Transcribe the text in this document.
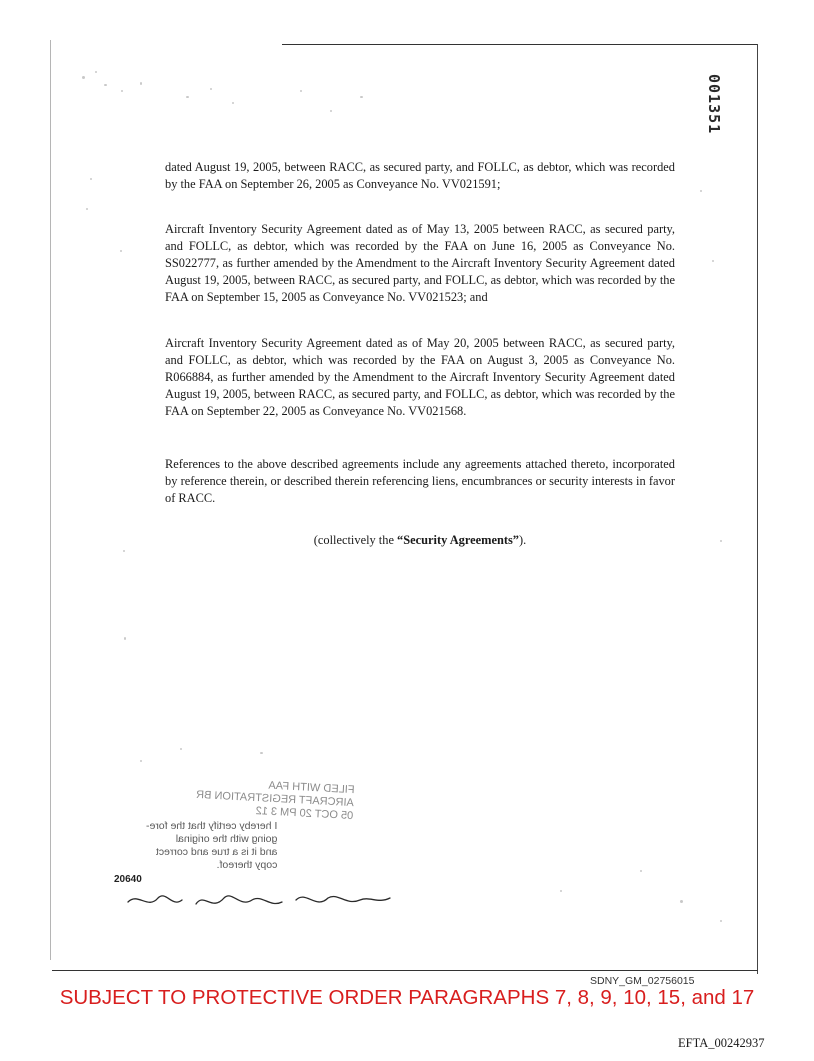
001351

dated August 19, 2005, between RACC, as secured party, and FOLLC, as debtor, which was recorded by the FAA on September 26, 2005 as Conveyance No. VV021591;

Aircraft Inventory Security Agreement dated as of May 13, 2005 between RACC, as secured party, and FOLLC, as debtor, which was recorded by the FAA on June 16, 2005 as Conveyance No. SS022777, as further amended by the Amendment to the Aircraft Inventory Security Agreement dated August 19, 2005, between RACC, as secured party, and FOLLC, as debtor, which was recorded by the FAA on September 15, 2005 as Conveyance No. VV021523; and

Aircraft Inventory Security Agreement dated as of May 20, 2005 between RACC, as secured party, and FOLLC, as debtor, which was recorded by the FAA on August 3, 2005 as Conveyance No. R066884, as further amended by the Amendment to the Aircraft Inventory Security Agreement dated August 19, 2005, between RACC, as secured party, and FOLLC, as debtor, which was recorded by the FAA on September 22, 2005 as Conveyance No. VV021568.

References to the above described agreements include any agreements attached thereto, incorporated by reference therein, or described therein referencing liens, encumbrances or security interests in favor of RACC.

(collectively the “Security Agreements”).

FILED WITH FAA
AIRCRAFT REGISTRATION BR
05 OCT 20 PM 3 12
I hereby certify that the fore-
going with the original
and it is a true and correct
copy thereof.
20640
SDNY_GM_02756015
SUBJECT TO PROTECTIVE ORDER PARAGRAPHS 7, 8, 9, 10, 15, and 17
EFTA_00242937
